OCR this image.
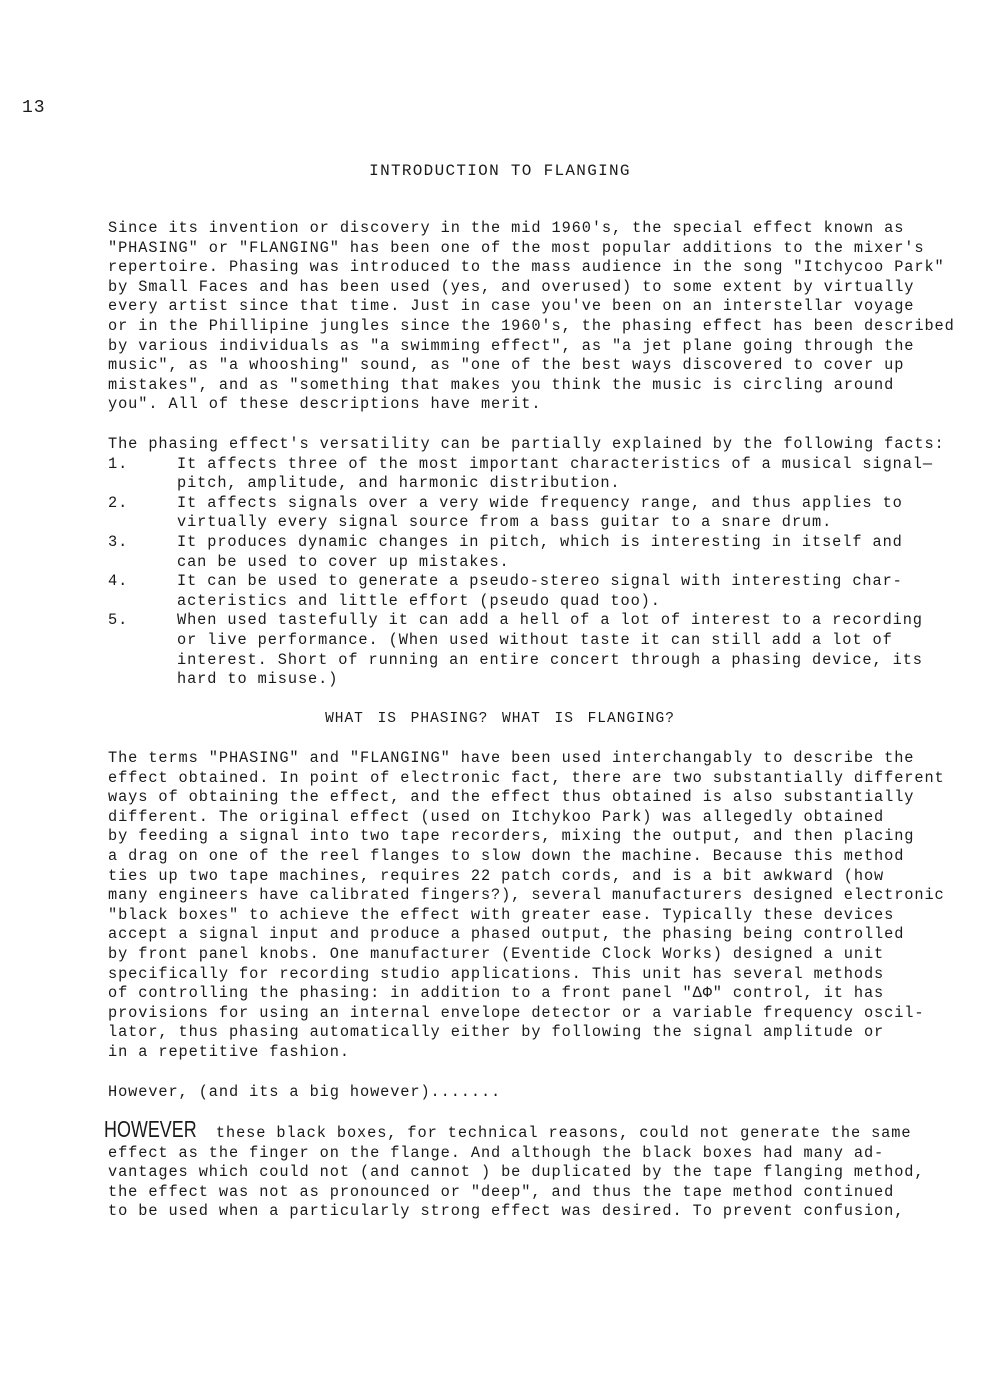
13
INTRODUCTION TO FLANGING
Since its invention or discovery in the mid 1960's, the special effect known as
"PHASING" or "FLANGING" has been one of the most popular additions to the mixer's
repertoire. Phasing was introduced to the mass audience in the song "Itchycoo Park"
by Small Faces and has been used (yes, and overused) to some extent by virtually
every artist since that time. Just in case you've been on an interstellar voyage
or in the Phillipine jungles since the 1960's, the phasing effect has been described
by various individuals as "a swimming effect", as "a jet plane going through the
music", as "a whooshing" sound, as "one of the best ways discovered to cover up
mistakes", and as "something that makes you think the music is circling around
you". All of these descriptions have merit.
The phasing effect's versatility can be partially explained by the following facts:
1.	It affects three of the most important characteristics of a musical signal—
pitch, amplitude, and harmonic distribution.
2.	It affects signals over a very wide frequency range, and thus applies to
virtually every signal source from a bass guitar to a snare drum.
3.	It produces dynamic changes in pitch, which is interesting in itself and
can be used to cover up mistakes.
4.	It can be used to generate a pseudo-stereo signal with interesting char-
acteristics and little effort (pseudo quad too).
5.	When used tastefully it can add a hell of a lot of interest to a recording
or live performance. (When used without taste it can still add a lot of
interest. Short of running an entire concert through a phasing device, its
hard to misuse.)
WHAT IS PHASING? WHAT IS FLANGING?
The terms "PHASING" and "FLANGING" have been used interchangably to describe the
effect obtained. In point of electronic fact, there are two substantially different
ways of obtaining the effect, and the effect thus obtained is also substantially
different. The original effect (used on Itchykoo Park) was allegedly obtained
by feeding a signal into two tape recorders, mixing the output, and then placing
a drag on one of the reel flanges to slow down the machine. Because this method
ties up two tape machines, requires 22 patch cords, and is a bit awkward (how
many engineers have calibrated fingers?), several manufacturers designed electronic
"black boxes" to achieve the effect with greater ease. Typically these devices
accept a signal input and produce a phased output, the phasing being controlled
by front panel knobs. One manufacturer (Eventide Clock Works) designed a unit
specifically for recording studio applications. This unit has several methods
of controlling the phasing: in addition to a front panel "ΔΦ" control, it has
provisions for using an internal envelope detector or a variable frequency oscil-
lator, thus phasing automatically either by following the signal amplitude or
in a repetitive fashion.
However, (and its a big however).......
HOWEVER these black boxes, for technical reasons, could not generate the same
effect as the finger on the flange. And although the black boxes had many ad-
vantages which could not (and cannot ) be duplicated by the tape flanging method,
the effect was not as pronounced or "deep", and thus the tape method continued
to be used when a particularly strong effect was desired. To prevent confusion,
